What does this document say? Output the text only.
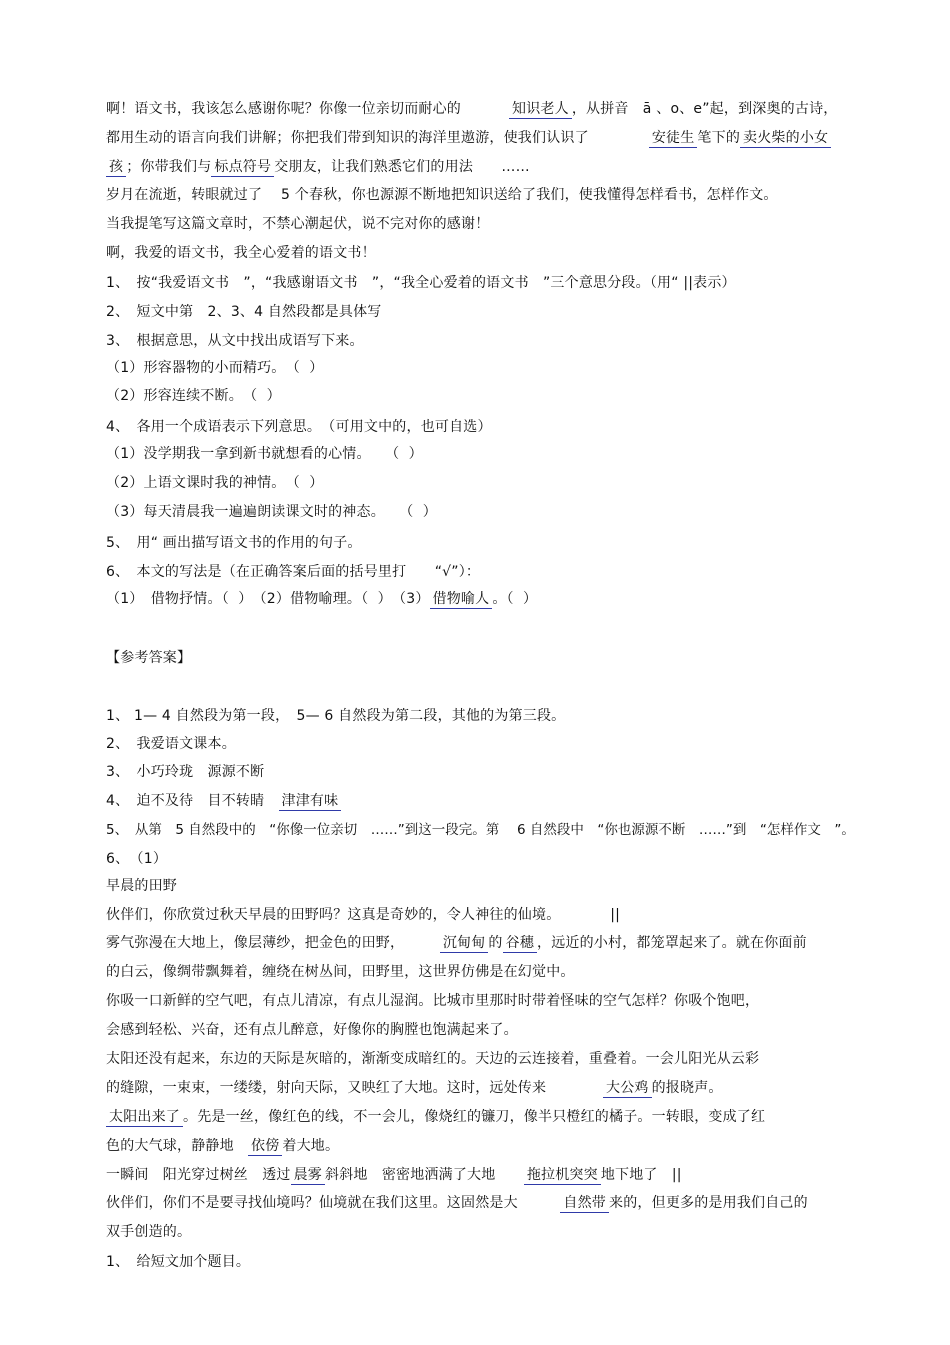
啊！语文书，我该怎么感谢你呢？你像一位亲切而耐心的	知识老人 ，从拼音　ā 、o、e”起，到深奥的古诗，
都用生动的语言向我们讲解；你把我们带到知识的海洋里遨游，使我们认识了	安徒生 笔下的 卖火柴的小女
孩 ；你带我们与 标点符号 交朋友，让我们熟悉它们的用法　　……
岁月在流逝，转眼就过了　 5 个春秋，你也源源不断地把知识送给了我们，使我懂得怎样看书，怎样作文。
当我提笔写这篇文章时，不禁心潮起伏，说不完对你的感谢！
啊，我爱的语文书，我全心爱着的语文书！
1、　按“我爱语文书　”，“我感谢语文书　”，“我全心爱着的语文书　”三个意思分段。（用“ ||表示）
2、　短文中第　2、3、4 自然段都是具体写
3、　根据意思，从文中找出成语写下来。
（1）形容器物的小而精巧。　（  ）
（2）形容连续不断。　（  ）
4、　各用一个成语表示下列意思。　（可用文中的，也可自选）
（1）没学期我一拿到新书就想看的心情。　　（  ）
（2）上语文课时我的神情。　（  ）
（3）每天清晨我一遍遍朗读课文时的神态。　　（  ）
5、　用“ 画出描写语文书的作用的句子。
6、　本文的写法是（在正确答案后面的括号里打　　“√”）：
（1）　借物抒情。（  ）　（2）借物喻理。（  ）　（3） 借物喻人 。（  ）
【参考答案】
1、 1— 4 自然段为第一段，　5— 6 自然段为第二段，其他的为第三段。
2、　我爱语文课本。
3、　小巧玲珑　源源不断
4、　迫不及待　目不转睛　津津有味
5、　从第　5 自然段中的　“你像一位亲切　……”到这一段完。第　 6 自然段中　“你也源源不断　……”到　“怎样作文　”。
6、　（1）
早晨的田野
伙伴们，你欣赏过秋天早晨的田野吗？这真是奇妙的，令人神往的仙境。　　　　||
雾气弥漫在大地上，像层薄纱，把金色的田野，　　　沉甸甸 的 谷穗 ，远近的小村，都笼罩起来了。就在你面前
的白云，像绸带飘舞着，缠绕在树丛间，田野里，这世界仿佛是在幻觉中。
你吸一口新鲜的空气吧，有点儿清凉，有点儿湿润。比城市里那时时带着怪味的空气怎样？你吸个饱吧，
会感到轻松、兴奋，还有点儿醉意，好像你的胸膛也饱满起来了。
太阳还没有起来，东边的天际是灰暗的，渐渐变成暗红的。天边的云连接着，重叠着。一会儿阳光从云彩
的缝隙，一束束，一缕缕，射向天际，又映红了大地。这时，远处传来　　　　大公鸡 的报晓声。
太阳出来了 。先是一丝，像红色的线，不一会儿，像烧红的镰刀，像半只橙红的橘子。一转眼，变成了红
色的大气球，静静地　依傍 着大地。
一瞬间　阳光穿过树丝　透过 晨雾 斜斜地　密密地洒满了大地　　拖拉机突突 地下地了　||
伙伴们，你们不是要寻找仙境吗？仙境就在我们这里。这固然是大　　　自然带 来的，但更多的是用我们自己的
双手创造的。
1、　给短文加个题目。
